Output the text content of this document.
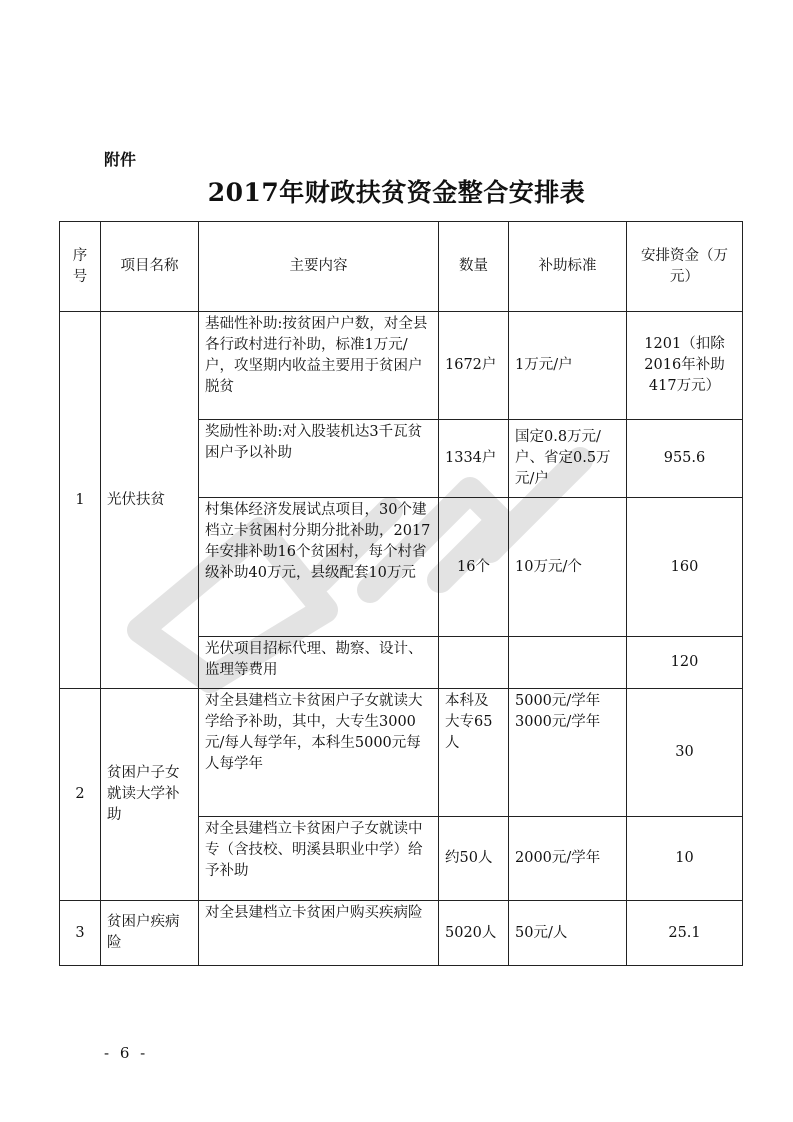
附件
2017年财政扶贫资金整合安排表
序号	项目名称	主要内容	数量	补助标准	安排资金（万元）
1	光伏扶贫	基础性补助:按贫困户户数，对全县各行政村进行补助，标准1万元/户，攻坚期内收益主要用于贫困户脱贫	1672户	1万元/户	1201（扣除2016年补助417万元）
		奖励性补助:对入股装机达3千瓦贫困户予以补助	1334户	国定0.8万元/户、省定0.5万元/户	955.6
		村集体经济发展试点项目，30个建档立卡贫困村分期分批补助，2017年安排补助16个贫困村，每个村省级补助40万元，县级配套10万元	16个	10万元/个	160
		光伏项目招标代理、勘察、设计、监理等费用			120
2	贫困户子女就读大学补助	对全县建档立卡贫困户子女就读大学给予补助，其中，大专生3000元/每人每学年，本科生5000元每人每学年	本科及大专65人	5000元/学年 3000元/学年	30
		对全县建档立卡贫困户子女就读中专（含技校、明溪县职业中学）给予补助	约50人	2000元/学年	10
3	贫困户疾病险	对全县建档立卡贫困户购买疾病险	5020人	50元/人	25.1
- 6 -
